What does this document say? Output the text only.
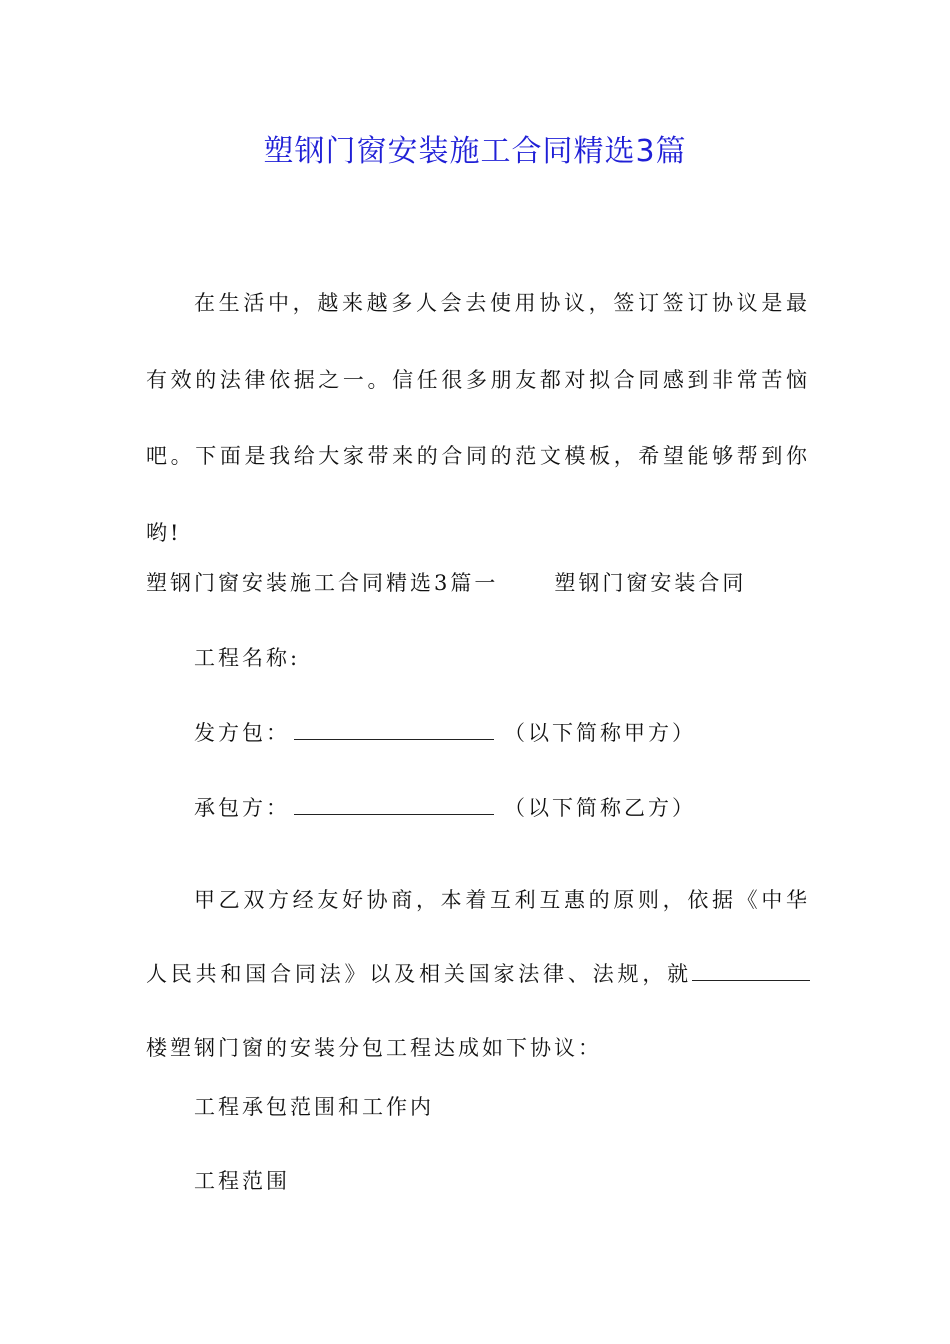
塑钢门窗安装施工合同精选3篇

在生活中，越来越多人会去使用协议，签订签订协议是最有效的法律依据之一。信任很多朋友都对拟合同感到非常苦恼吧。下面是我给大家带来的合同的范文模板，希望能够帮到你哟!

塑钢门窗安装施工合同精选3篇一	塑钢门窗安装合同
工程名称:
发方包：	（以下简称甲方）
承包方：	（以下简称乙方）

甲乙双方经友好协商，本着互利互惠的原则，依据《中华人民共和国合同法》以及相关国家法律、法规，就楼塑钢门窗的安装分包工程达成如下协议：

工程承包范围和工作内
工程范围
